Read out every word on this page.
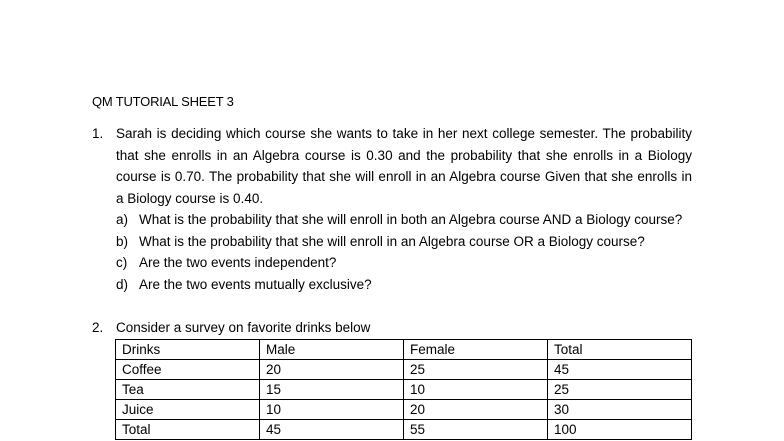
QM TUTORIAL SHEET 3
1. Sarah is deciding which course she wants to take in her next college semester. The probability that she enrolls in an Algebra course is 0.30 and the probability that she enrolls in a Biology course is 0.70. The probability that she will enroll in an Algebra course Given that she enrolls in a Biology course is 0.40.
a) What is the probability that she will enroll in both an Algebra course AND a Biology course?
b) What is the probability that she will enroll in an Algebra course OR a Biology course?
c) Are the two events independent?
d) Are the two events mutually exclusive?
2. Consider a survey on favorite drinks below
Drinks	Male	Female	Total
Coffee	20	25	45
Tea	15	10	25
Juice	10	20	30
Total	45	55	100
